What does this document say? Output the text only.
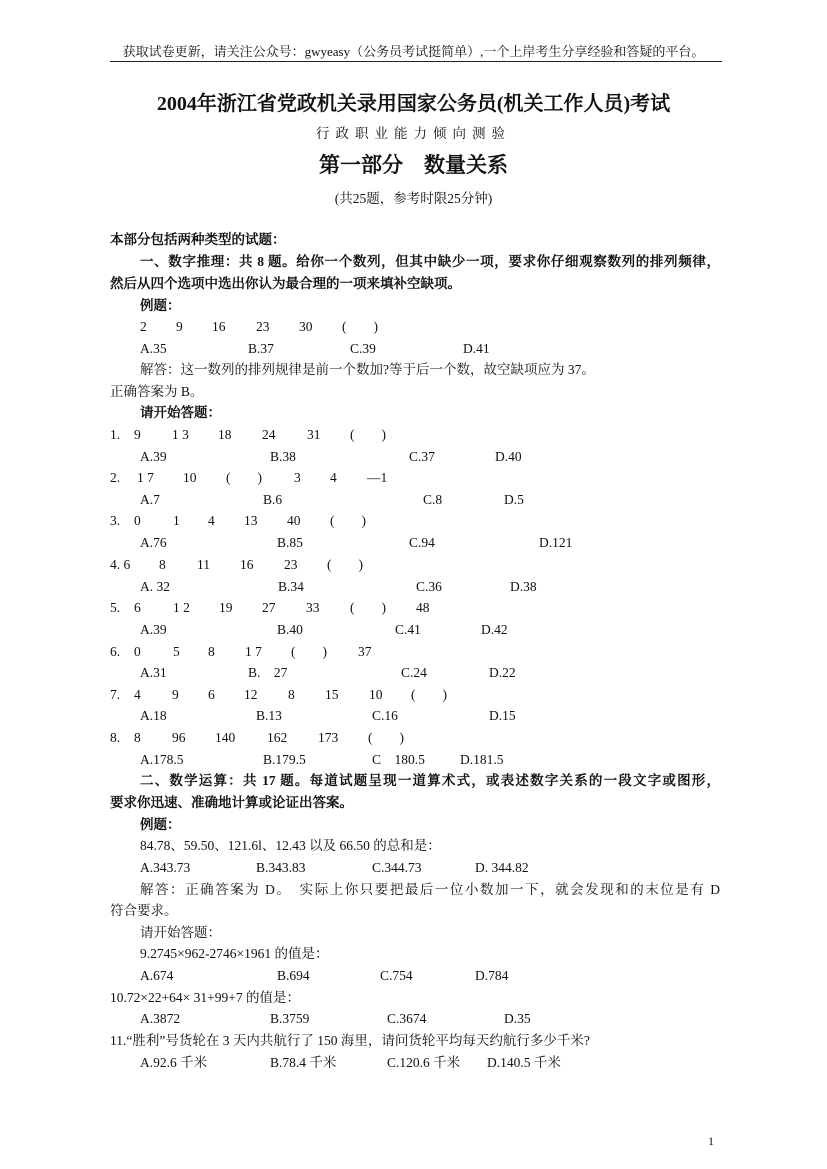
获取试卷更新，请关注公众号：gwyeasy（公务员考试挺简单）,一个上岸考生分享经验和答疑的平台。
2004年浙江省党政机关录用国家公务员(机关工作人员)考试
行政职业能力倾向测验
第一部分　数量关系
(共25题，参考时限25分钟)
本部分包括两种类型的试题：
一、数字推理：共 8 题。给你一个数列，但其中缺少一项，要求你仔细观察数列的排列频律，
然后从四个选项中选出你认为最合理的一项来填补空缺项。
例题：
2 9 16 23 30 (　　)
A.35	B.37	C.39	D.41
解答：这一数列的排列规律是前一个数加?等于后一个数，故空缺项应为 37。
正确答案为 B。
请开始答题：
1. 9 1 3 18 24 31 (　　)
A.39	B.38	C.37	D.40
2. 1 7 10 (　　) 3 4 —1
A.7	B.6	C.8	D.5
3. 0 1 4 13 40 (　　)
A.76	B.85	C.94	D.121
4. 6 8 11 16 23 (　　)
A. 32	B.34	C.36	D.38
5. 6 1 2 19 27 33 (　　) 48
A.39	B.40	C.41	D.42
6. 0 5 8 1 7 (　　) 37
A.31	B.　27	C.24	D.22
7. 4 9 6 12 8 15 10 (　　)
A.18	B.13	C.16	D.15
8. 8 96 140 162 173 (　　)
A.178.5	B.179.5	C　180.5	D.181.5
二、数学运算：共 17 题。每道试题呈现一道算术式，或表述数字关系的一段文字或图形，
要求你迅速、准确地计算或论证出答案。
例题：
84.78、59.50、121.6l、12.43 以及 66.50 的总和是：
A.343.73	B.343.83	C.344.73	D. 344.82
解答：正确答案为 D。　实际上你只要把最后一位小数加一下，就会发现和的末位是有 D
符合要求。
请开始答题：
9.2745×962-2746×1961 的值是：
A.674	B.694	C.754	D.784
10.72×22+64× 31+99+7 的值是：
A.3872	B.3759	C.3674	D.35
11.“胜利”号货轮在 3 天内共航行了 150 海里，请问货轮平均每天约航行多少千米?
A.92.6 千米	B.78.4 千米	C.120.6 千米 D.140.5 千米
1
